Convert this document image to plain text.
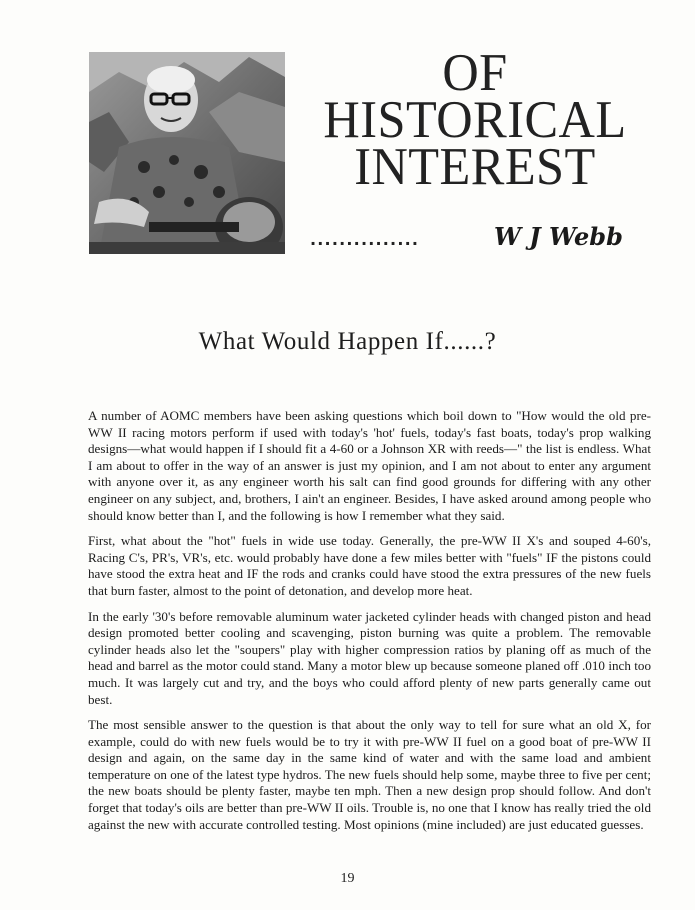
OF
HISTORICAL
INTEREST
...............	W J Webb
What Would Happen If......?

A number of AOMC members have been asking questions which boil down to "How would the old pre-WW II racing motors perform if used with today's 'hot' fuels, today's fast boats, today's prop walking designs—what would happen if I should fit a 4-60 or a Johnson XR with reeds—" the list is endless. What I am about to offer in the way of an answer is just my opinion, and I am not about to enter any argument with anyone over it, as any engineer worth his salt can find good grounds for differing with any other engineer on any subject, and, brothers, I ain't an engineer. Besides, I have asked around among people who should know better than I, and the following is how I remember what they said.

First, what about the "hot" fuels in wide use today. Generally, the pre-WW II X's and souped 4-60's, Racing C's, PR's, VR's, etc. would probably have done a few miles better with "fuels" IF the pistons could have stood the extra heat and IF the rods and cranks could have stood the extra pressures of the new fuels that burn faster, almost to the point of detonation, and develop more heat.

In the early '30's before removable aluminum water jacketed cylinder heads with changed piston and head design promoted better cooling and scavenging, piston burning was quite a problem. The removable cylinder heads also let the "soupers" play with higher compression ratios by planing off as much of the head and barrel as the motor could stand. Many a motor blew up because someone planed off .010 inch too much. It was largely cut and try, and the boys who could afford plenty of new parts generally came out best.

The most sensible answer to the question is that about the only way to tell for sure what an old X, for example, could do with new fuels would be to try it with pre-WW II fuel on a good boat of pre-WW II design and again, on the same day in the same kind of water and with the same load and ambient temperature on one of the latest type hydros. The new fuels should help some, maybe three to five per cent; the new boats should be plenty faster, maybe ten mph. Then a new design prop should follow. And don't forget that today's oils are better than pre-WW II oils. Trouble is, no one that I know has really tried the old against the new with accurate controlled testing. Most opinions (mine included) are just educated guesses.

19
